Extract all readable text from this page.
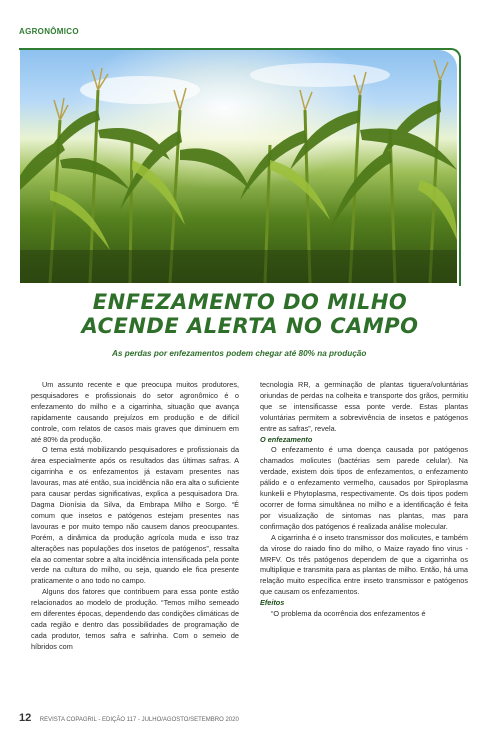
AGRONÔMICO
ENFEZAMENTO DO MILHO
ACENDE ALERTA NO CAMPO
As perdas por enfezamentos podem chegar até 80% na produção

Um assunto recente e que preocupa muitos produtores, pesquisadores e profissionais do setor agronômico é o enfezamento do milho e a cigarrinha, situação que avança rapidamente causando prejuízos em produção e de difícil controle, com relatos de casos mais graves que diminuem em até 80% da produção.

O tema está mobilizando pesquisadores e profissionais da área especialmente após os resultados das últimas safras. A cigarrinha e os enfezamentos já estavam presentes nas lavouras, mas até então, sua incidência não era alta o suficiente para causar perdas significativas, explica a pesquisadora Dra. Dagma Dionísia da Silva, da Embrapa Milho e Sorgo. “É comum que insetos e patógenos estejam presentes nas lavouras e por muito tempo não causem danos preocupantes. Porém, a dinâmica da produção agrícola muda e isso traz alterações nas populações dos insetos de patógenos”, ressalta ela ao comentar sobre a alta incidência intensificada pela ponte verde na cultura do milho, ou seja, quando ele fica presente praticamente o ano todo no campo.

Alguns dos fatores que contribuem para essa ponte estão relacionados ao modelo de produção. “Temos milho semeado em diferentes épocas, dependendo das condições climáticas de cada região e dentro das possibilidades de programação de cada produtor, temos safra e safrinha. Com o semeio de híbridos com

tecnologia RR, a germinação de plantas tiguera/voluntárias oriundas de perdas na colheita e transporte dos grãos, permitiu que se intensificasse essa ponte verde. Estas plantas voluntárias permitem a sobrevivência de insetos e patógenos entre as safras”, revela.

O enfezamento

O enfezamento é uma doença causada por patógenos chamados molicutes (bactérias sem parede celular). Na verdade, existem dois tipos de enfezamentos, o enfezamento pálido e o enfezamento vermelho, causados por Spiroplasma kunkelii e Phytoplasma, respectivamente. Os dois tipos podem ocorrer de forma simultânea no milho e a identificação é feita por visualização de sintomas nas plantas, mas para confirmação dos patógenos é realizada análise molecular.

A cigarrinha é o inseto transmissor dos molicutes, e também da virose do raiado fino do milho, o Maize rayado fino virus - MRFV. Os três patógenos dependem de que a cigarrinha os multiplique e transmita para as plantas de milho. Então, há uma relação muito específica entre inseto transmissor e patógenos que causam os enfezamentos.

Efeitos

“O problema da ocorrência dos enfezamentos é

12 REVISTA COPAGRIL - EDIÇÃO 117 - JULHO/AGOSTO/SETEMBRO 2020
